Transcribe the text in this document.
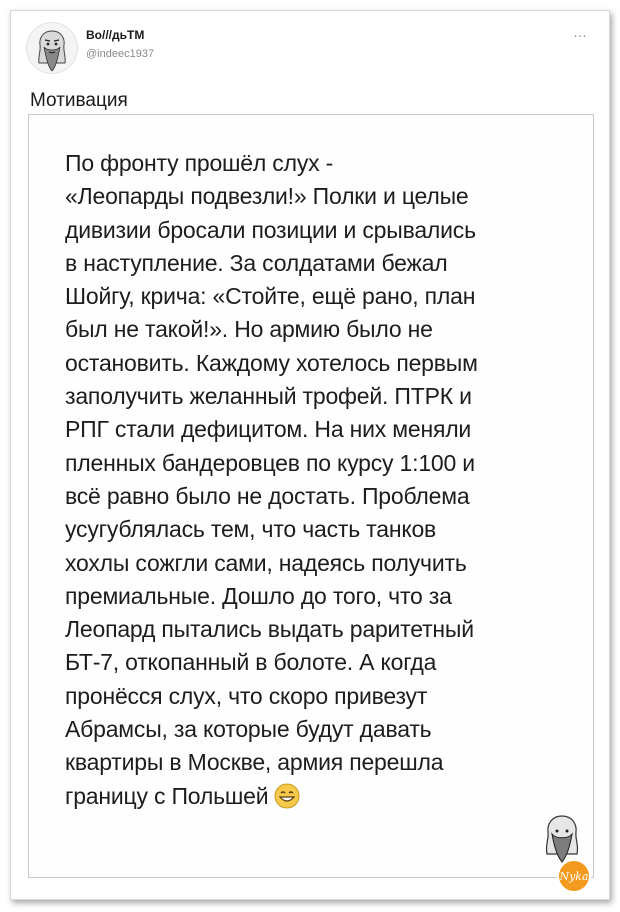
Во///дьТМ
@indeec1937
…
Мотивация
По фронту прошёл слух -
«Леопарды подвезли!» Полки и целые
дивизии бросали позиции и срывались
в наступление. За солдатами бежал
Шойгу, крича: «Стойте, ещё рано, план
был не такой!». Но армию было не
остановить. Каждому хотелось первым
заполучить желанный трофей. ПТРК и
РПГ стали дефицитом. На них меняли
пленных бандеровцев по курсу 1:100 и
всё равно было не достать. Проблема
усугублялась тем, что часть танков
хохлы сожгли сами, надеясь получить
премиальные. Дошло до того, что за
Леопард пытались выдать раритетный
БТ-7, откопанный в болоте. А когда
пронёсся слух, что скоро привезут
Абрамсы, за которые будут давать
квартиры в Москве, армия перешла
границу с Польшей
Nyka
